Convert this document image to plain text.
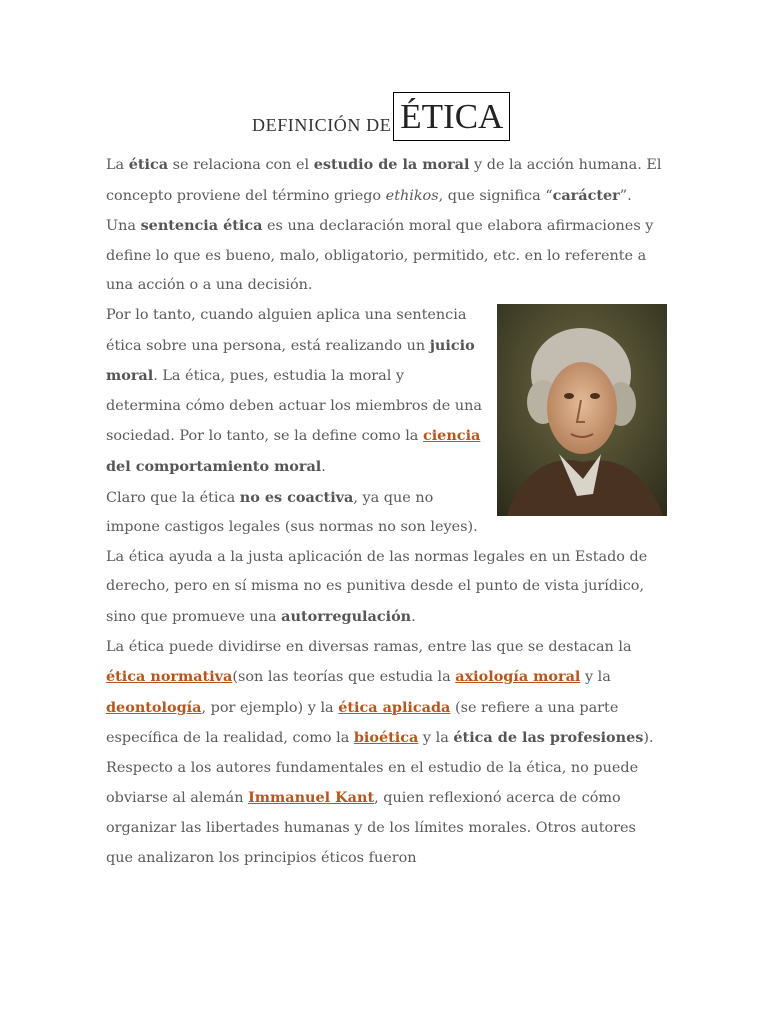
DEFINICIÓN DE ÉTICA

La ética se relaciona con el estudio de la moral y de la acción humana. El concepto proviene del término griego ethikos, que significa “carácter”.

Una sentencia ética es una declaración moral que elabora afirmaciones y define lo que es bueno, malo, obligatorio, permitido, etc. en lo referente a una acción o a una decisión.

Por lo tanto, cuando alguien aplica una sentencia ética sobre una persona, está realizando un juicio moral. La ética, pues, estudia la moral y determina cómo deben actuar los miembros de una sociedad. Por lo tanto, se la define como la ciencia del comportamiento moral.

Claro que la ética no es coactiva, ya que no impone castigos legales (sus normas no son leyes). La ética ayuda a la justa aplicación de las normas legales en un Estado de derecho, pero en sí misma no es punitiva desde el punto de vista jurídico, sino que promueve una autorregulación.

La ética puede dividirse en diversas ramas, entre las que se destacan la ética normativa(son las teorías que estudia la axiología moral y la deontología, por ejemplo) y la ética aplicada (se refiere a una parte específica de la realidad, como la bioética y la ética de las profesiones).

Respecto a los autores fundamentales en el estudio de la ética, no puede obviarse al alemán Immanuel Kant, quien reflexionó acerca de cómo organizar las libertades humanas y de los límites morales. Otros autores que analizaron los principios éticos fueron
